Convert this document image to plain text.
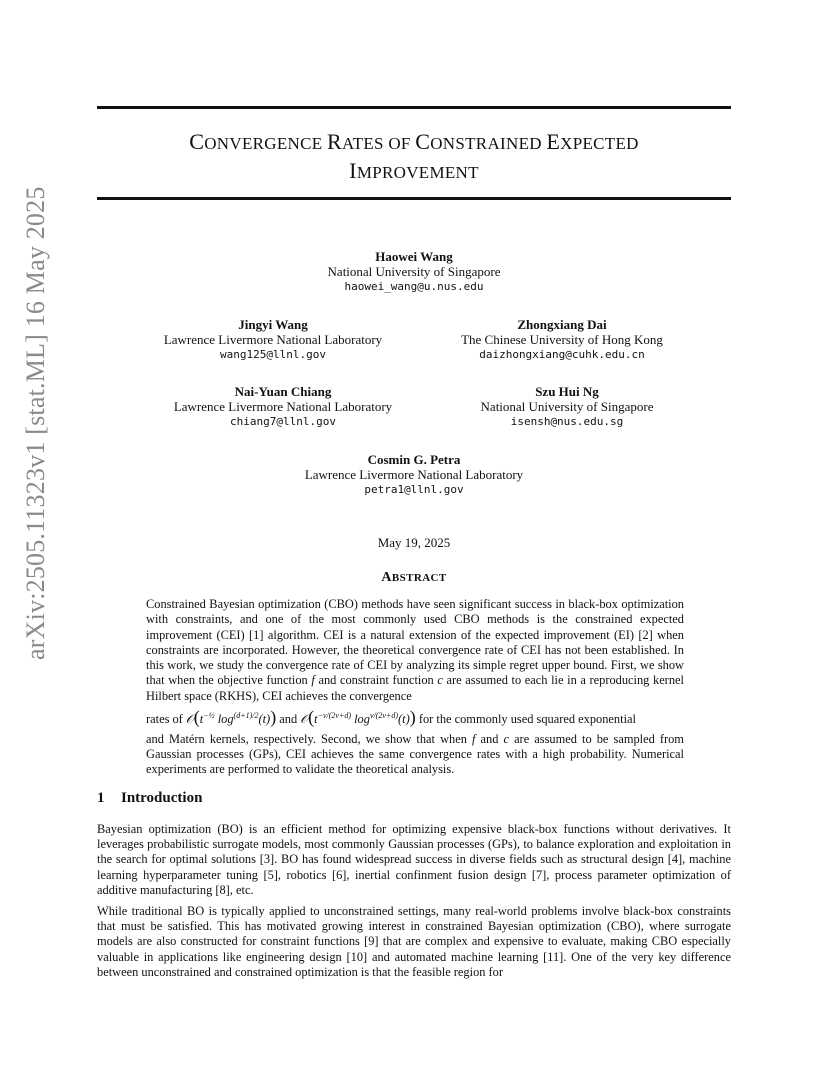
arXiv:2505.11323v1 [stat.ML] 16 May 2025
CONVERGENCE RATES OF CONSTRAINED EXPECTED
IMPROVEMENT
Haowei Wang
National University of Singapore
haowei_wang@u.nus.edu
Jingyi Wang
Lawrence Livermore National Laboratory
wang125@llnl.gov
Zhongxiang Dai
The Chinese University of Hong Kong
daizhongxiang@cuhk.edu.cn
Nai-Yuan Chiang
Lawrence Livermore National Laboratory
chiang7@llnl.gov
Szu Hui Ng
National University of Singapore
isensh@nus.edu.sg
Cosmin G. Petra
Lawrence Livermore National Laboratory
petra1@llnl.gov
May 19, 2025
ABSTRACT

Constrained Bayesian optimization (CBO) methods have seen significant success in black-box optimization with constraints, and one of the most commonly used CBO methods is the constrained expected improvement (CEI) [1] algorithm. CEI is a natural extension of the expected improvement (EI) [2] when constraints are incorporated. However, the theoretical convergence rate of CEI has not been established. In this work, we study the convergence rate of CEI by analyzing its simple regret upper bound. First, we show that when the objective function f and constraint function c are assumed to each lie in a reproducing kernel Hilbert space (RKHS), CEI achieves the convergence
rates of $𝒪(t^{-\frac{1}{2}}$ $\log^{(d+1)/2}(t)$) and $𝒪(t^{-\nu/(2\nu+d)}$ $\log^{\nu/(2\nu+d)}(t)$) for the commonly used squared exponential
and Matérn kernels, respectively. Second, we show that when f and c are assumed to be sampled from Gaussian processes (GPs), CEI achieves the same convergence rates with a high probability. Numerical experiments are performed to validate the theoretical analysis.

1 Introduction

Bayesian optimization (BO) is an efficient method for optimizing expensive black-box functions without derivatives. It leverages probabilistic surrogate models, most commonly Gaussian processes (GPs), to balance exploration and exploitation in the search for optimal solutions [3]. BO has found widespread success in diverse fields such as structural design [4], machine learning hyperparameter tuning [5], robotics [6], inertial confinment fusion design [7], process parameter optimization of additive manufacturing [8], etc.

While traditional BO is typically applied to unconstrained settings, many real-world problems involve black-box constraints that must be satisfied. This has motivated growing interest in constrained Bayesian optimization (CBO), where surrogate models are also constructed for constraint functions [9] that are complex and expensive to evaluate, making CBO especially valuable in applications like engineering design [10] and automated machine learning [11]. One of the very key difference between unconstrained and constrained optimization is that the feasible region for
